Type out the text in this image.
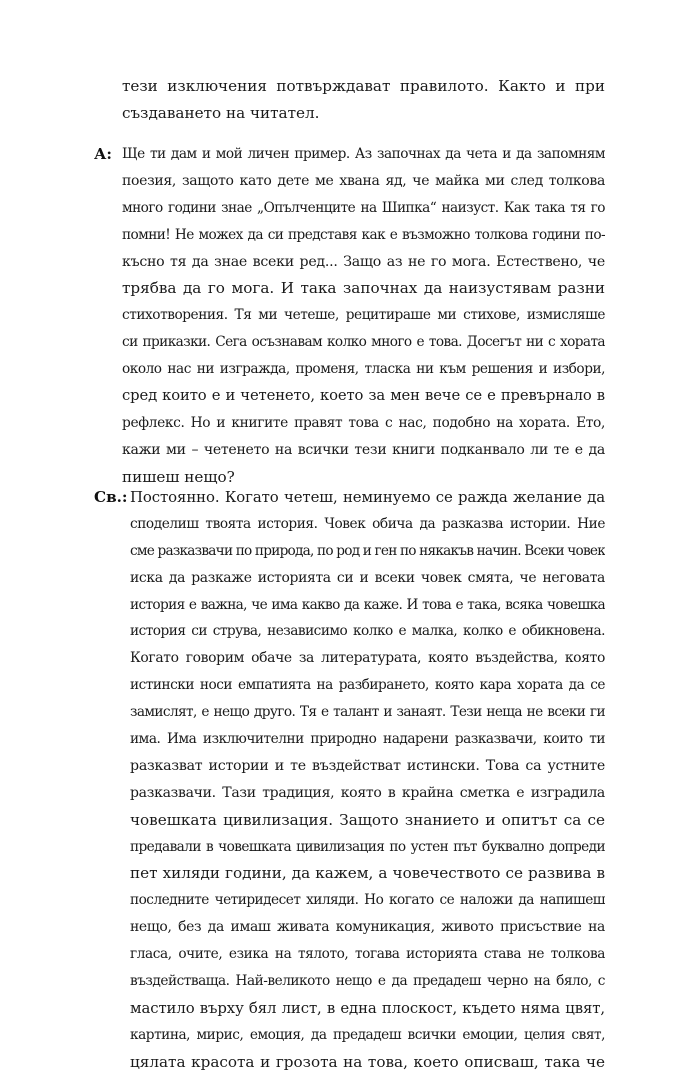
тези изключения потвърждават правилото. Както и при
създаването на читател.
А: Ще ти дам и мой личен пример. Аз започнах да чета и да запомням
поезия, защото като дете ме хвана яд, че майка ми след толкова
много години знае „Опълченците на Шипка“ наизуст. Как така тя го
помни! Не можех да си представя как е възможно толкова години по-
късно тя да знае всеки ред... Защо аз не го мога. Естествено, че
трябва да го мога. И така започнах да наизустявам разни
стихотворения. Тя ми четеше, рецитираше ми стихове, измисляше
си приказки. Сега осъзнавам колко много е това. Досегът ни с хората
около нас ни изгражда, променя, тласка ни към решения и избори,
сред които е и четенето, което за мен вече се е превърнало в
рефлекс. Но и книгите правят това с нас, подобно на хората. Ето,
кажи ми – четенето на всички тези книги подканвало ли те е да
пишеш нещо?
Св.: Постоянно. Когато четеш, неминуемо се ражда желание да
споделиш твоята история. Човек обича да разказва истории. Ние
сме разказвачи по природа, по род и ген по някакъв начин. Всеки човек
иска да разкаже историята си и всеки човек смята, че неговата
история е важна, че има какво да каже. И това е така, всяка човешка
история си струва, независимо колко е малка, колко е обикновена.
Когато говорим обаче за литературата, която въздейства, която
истински носи емпатията на разбирането, която кара хората да се
замислят, е нещо друго. Тя е талант и занаят. Тези неща не всеки ги
има. Има изключителни природно надарени разказвачи, които ти
разказват истории и те въздействат истински. Това са устните
разказвачи. Тази традиция, която в крайна сметка е изградила
човешката цивилизация. Защото знанието и опитът са се
предавали в човешката цивилизация по устен път буквално допреди
пет хиляди години, да кажем, а човечеството се развива в
последните четиридесет хиляди. Но когато се наложи да напишеш
нещо, без да имаш живата комуникация, живото присъствие на
гласа, очите, езика на тялото, тогава историята става не толкова
въздействаща. Най-великото нещо е да предадеш черно на бяло, с
мастило върху бял лист, в една плоскост, където няма цвят,
картина, мирис, емоция, да предадеш всички емоции, целия свят,
цялата красота и грозота на това, което описваш, така че
